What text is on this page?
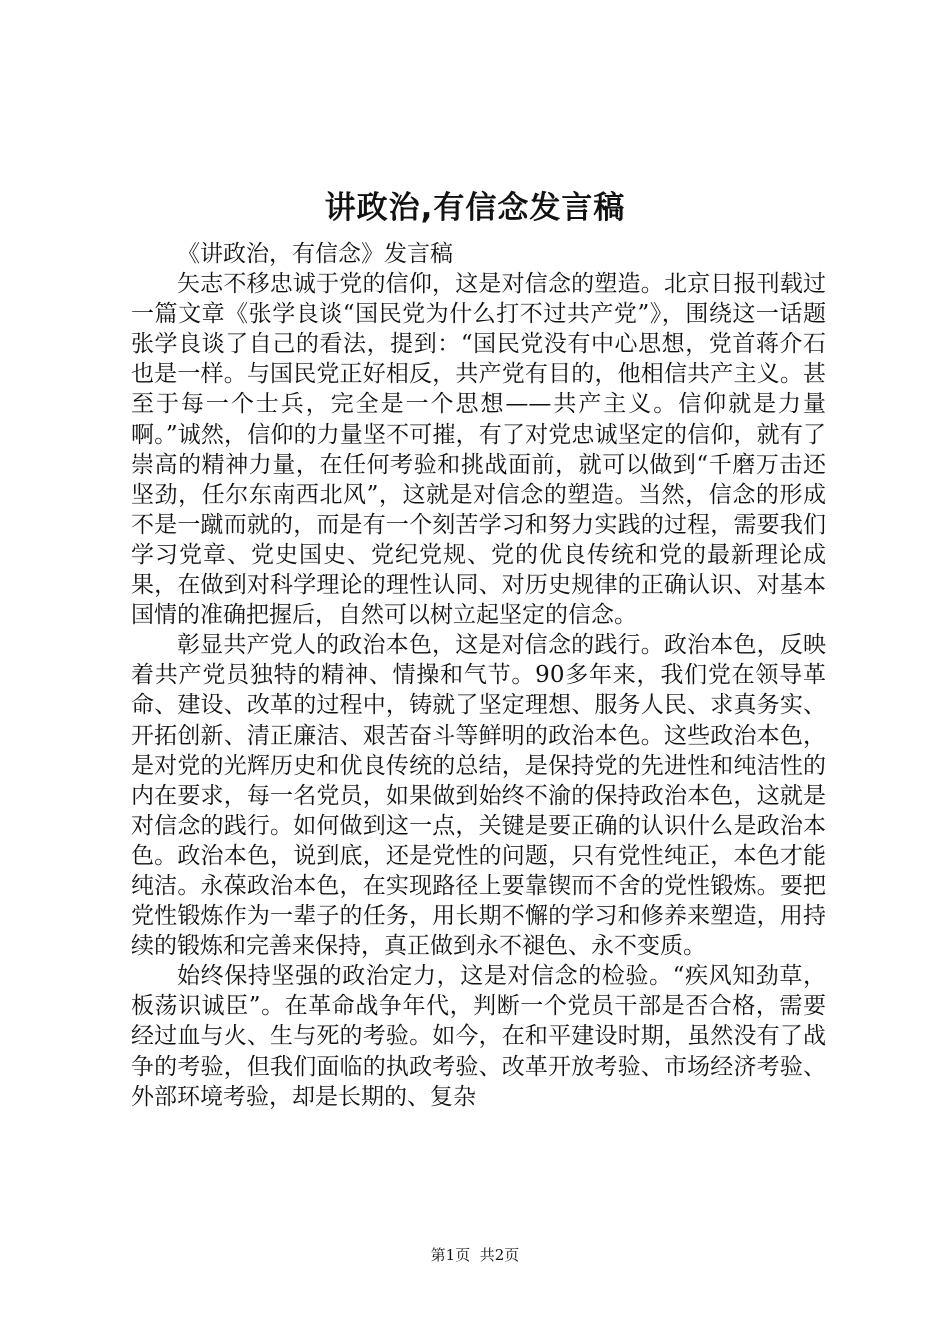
讲政治,有信念发言稿

《讲政治，有信念》发言稿

矢志不移忠诚于党的信仰，这是对信念的塑造。北京日报刊载过一篇文章《张学良谈“国民党为什么打不过共产党”》，围绕这一话题张学良谈了自己的看法，提到：“国民党没有中心思想，党首蒋介石也是一样。与国民党正好相反，共产党有目的，他相信共产主义。甚至于每一个士兵，完全是一个思想——共产主义。信仰就是力量啊。”诚然，信仰的力量坚不可摧，有了对党忠诚坚定的信仰，就有了崇高的精神力量，在任何考验和挑战面前，就可以做到“千磨万击还坚劲，任尔东南西北风”，这就是对信念的塑造。当然，信念的形成不是一蹴而就的，而是有一个刻苦学习和努力实践的过程，需要我们学习党章、党史国史、党纪党规、党的优良传统和党的最新理论成果，在做到对科学理论的理性认同、对历史规律的正确认识、对基本国情的准确把握后，自然可以树立起坚定的信念。

彰显共产党人的政治本色，这是对信念的践行。政治本色，反映着共产党员独特的精神、情操和气节。90多年来，我们党在领导革命、建设、改革的过程中，铸就了坚定理想、服务人民、求真务实、开拓创新、清正廉洁、艰苦奋斗等鲜明的政治本色。这些政治本色，是对党的光辉历史和优良传统的总结，是保持党的先进性和纯洁性的内在要求，每一名党员，如果做到始终不渝的保持政治本色，这就是对信念的践行。如何做到这一点，关键是要正确的认识什么是政治本色。政治本色，说到底，还是党性的问题，只有党性纯正，本色才能纯洁。永葆政治本色，在实现路径上要靠锲而不舍的党性锻炼。要把党性锻炼作为一辈子的任务，用长期不懈的学习和修养来塑造，用持续的锻炼和完善来保持，真正做到永不褪色、永不变质。

始终保持坚强的政治定力，这是对信念的检验。“疾风知劲草，板荡识诚臣”。在革命战争年代，判断一个党员干部是否合格，需要经过血与火、生与死的考验。如今，在和平建设时期，虽然没有了战争的考验，但我们面临的执政考验、改革开放考验、市场经济考验、外部环境考验，却是长期的、复杂

第1页 共2页
